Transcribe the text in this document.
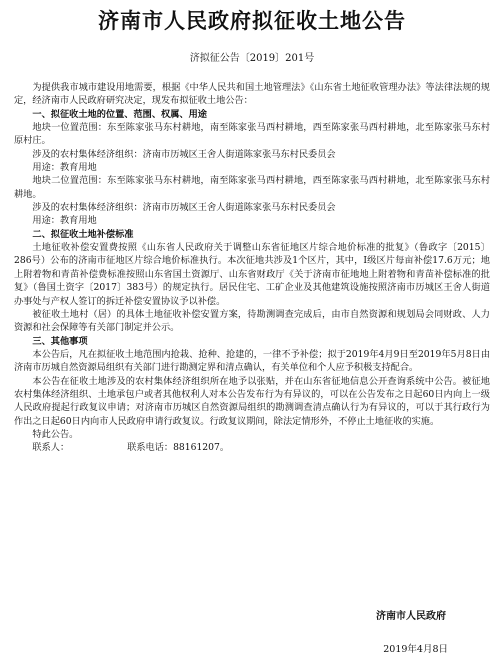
济南市人民政府拟征收土地公告
济拟征公告〔2019〕201号

为提供我市城市建设用地需要，根据《中华人民共和国土地管理法》《山东省土地征收管理办法》等法律法规的规定，经济南市人民政府研究决定，现发布拟征收土地公告：

一、拟征收土地的位置、范围、权属、用途

地块一位置范围：东至陈家张马东村耕地，南至陈家张马西村耕地，西至陈家张马西村耕地，北至陈家张马东村原村庄。

涉及的农村集体经济组织：济南市历城区王舍人街道陈家张马东村民委员会

用途：教育用地

地块二位置范围：东至陈家张马东村耕地，南至陈家张马西村耕地，西至陈家张马西村耕地，北至陈家张马东村耕地。

涉及的农村集体经济组织：济南市历城区王舍人街道陈家张马东村民委员会

用途：教育用地

二、拟征收土地补偿标准

土地征收补偿安置费按照《山东省人民政府关于调整山东省征地区片综合地价标准的批复》（鲁政字〔2015〕286号）公布的济南市征地区片综合地价标准执行。本次征地共涉及1个区片，其中，Ⅰ级区片每亩补偿17.6万元；地上附着物和青苗补偿费标准按照山东省国土资源厅、山东省财政厅《关于济南市征地地上附着物和青苗补偿标准的批复》（鲁国土资字〔2017〕383号）的规定执行。居民住宅、工矿企业及其他建筑设施按照济南市历城区王舍人街道办事处与产权人签订的拆迁补偿安置协议予以补偿。

被征收土地村（居）的具体土地征收补偿安置方案，待勘测调查完成后，由市自然资源和规划局会同财政、人力资源和社会保障等有关部门制定并公示。

三、其他事项

本公告后，凡在拟征收土地范围内抢栽、抢种、抢建的，一律不予补偿；拟于2019年4月9日至2019年5月8日由济南市历城自然资源局组织有关部门进行勘测定界和清点确认，有关单位和个人应予积极支持配合。

本公告在征收土地涉及的农村集体经济组织所在地予以张贴，并在山东省征地信息公开查询系统中公告。被征地农村集体经济组织、土地承包户或者其他权利人对本公告发布行为有异议的，可以在公告发布之日起60日内向上一级人民政府提起行政复议申请；对济南市历城区自然资源局组织的勘测调查清点确认行为有异议的，可以于其行政行为作出之日起60日内向市人民政府申请行政复议。行政复议期间，除法定情形外，不停止土地征收的实施。

特此公告。

联系人：	联系电话：88161207。

济南市人民政府
2019年4月8日
